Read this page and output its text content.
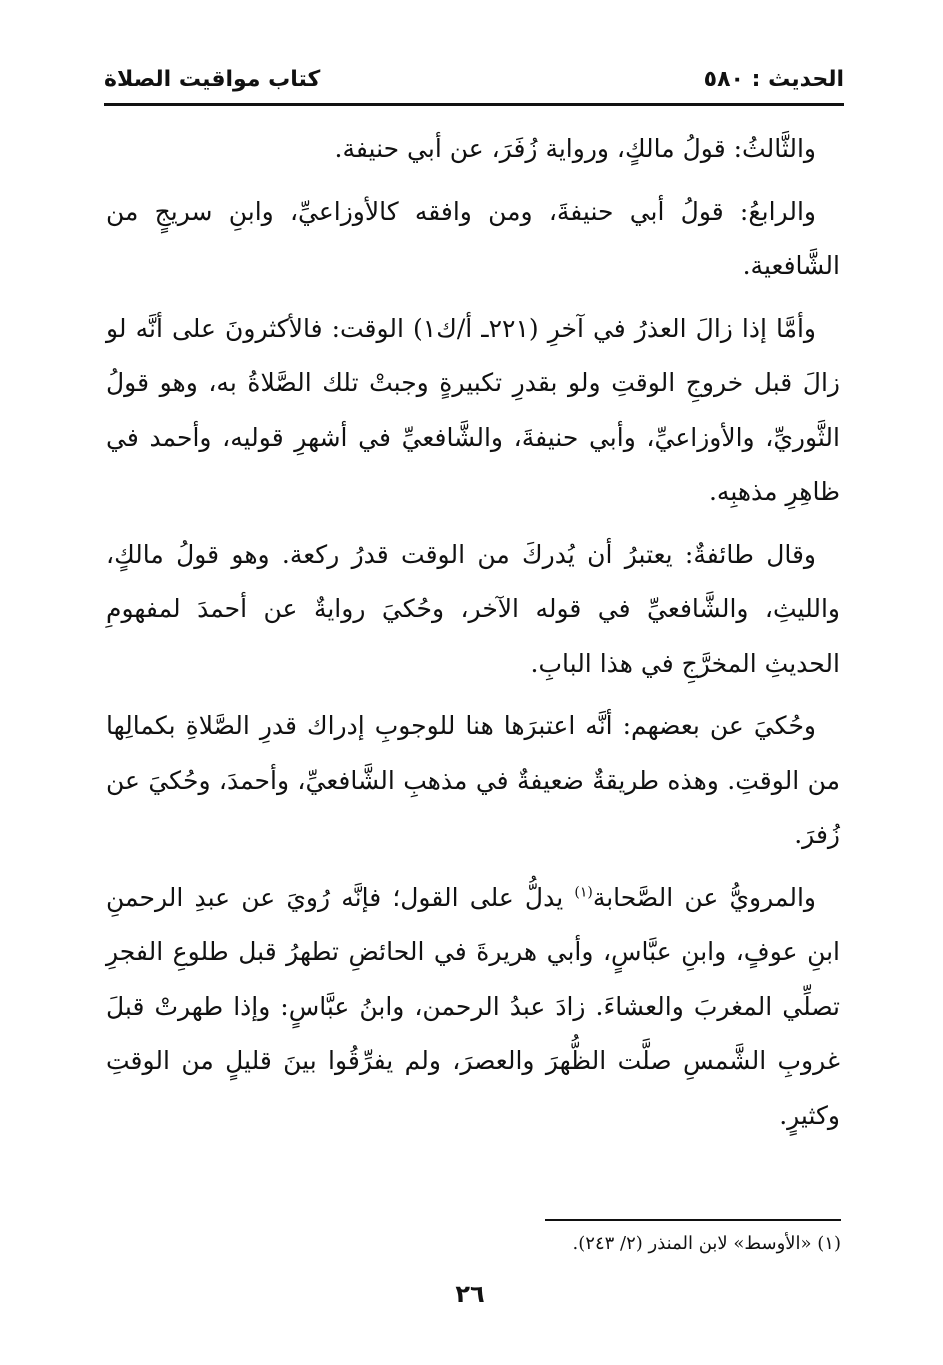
الحديث : ٥٨٠
كتاب مواقيت الصلاة

والثَّالثُ: قولُ مالكٍ، ورواية زُفَرَ، عن أبي حنيفة.

والرابعُ: قولُ أبي حنيفةَ، ومن وافقه كالأوزاعيِّ، وابنِ سريجٍ من الشَّافعية.

وأمَّا إذا زالَ العذرُ في آخرِ (٢٢١ـ أ/ك١) الوقت: فالأكثرونَ على أنَّه لو زالَ قبل خروجِ الوقتِ ولو بقدرِ تكبيرةٍ وجبتْ تلك الصَّلاةُ به، وهو قولُ الثَّوريِّ، والأوزاعيِّ، وأبي حنيفةَ، والشَّافعيِّ في أشهرِ قوليه، وأحمد في ظاهِرِ مذهبِه.

وقال طائفةٌ: يعتبرُ أن يُدركَ من الوقت قدرُ ركعة. وهو قولُ مالكٍ، والليثِ، والشَّافعيِّ في قوله الآخر، وحُكيَ روايةٌ عن أحمدَ لمفهومِ الحديثِ المخرَّجِ في هذا البابِ.

وحُكيَ عن بعضهم: أنَّه اعتبرَها هنا للوجوبِ إدراك قدرِ الصَّلاةِ بكمالِها من الوقتِ. وهذه طريقةٌ ضعيفةٌ في مذهبِ الشَّافعيِّ، وأحمدَ، وحُكيَ عن زُفرَ.

والمرويُّ عن الصَّحابة$^{(١)}$ يدلُّ على القول؛ فإنَّه رُويَ عن عبدِ الرحمنِ ابنِ عوفٍ، وابنِ عبَّاسٍ، وأبي هريرةَ في الحائضِ تطهرُ قبل طلوعِ الفجرِ تصلِّي المغربَ والعشاءَ. زادَ عبدُ الرحمن، وابنُ عبَّاسٍ: وإذا طهرتْ قبلَ غروبِ الشَّمسِ صلَّت الظُّهرَ والعصرَ، ولم يفرِّقُوا بينَ قليلٍ من الوقتِ وكثيرٍ.

(١) «الأوسط» لابن المنذر (٢/ ٢٤٣).
٢٦
